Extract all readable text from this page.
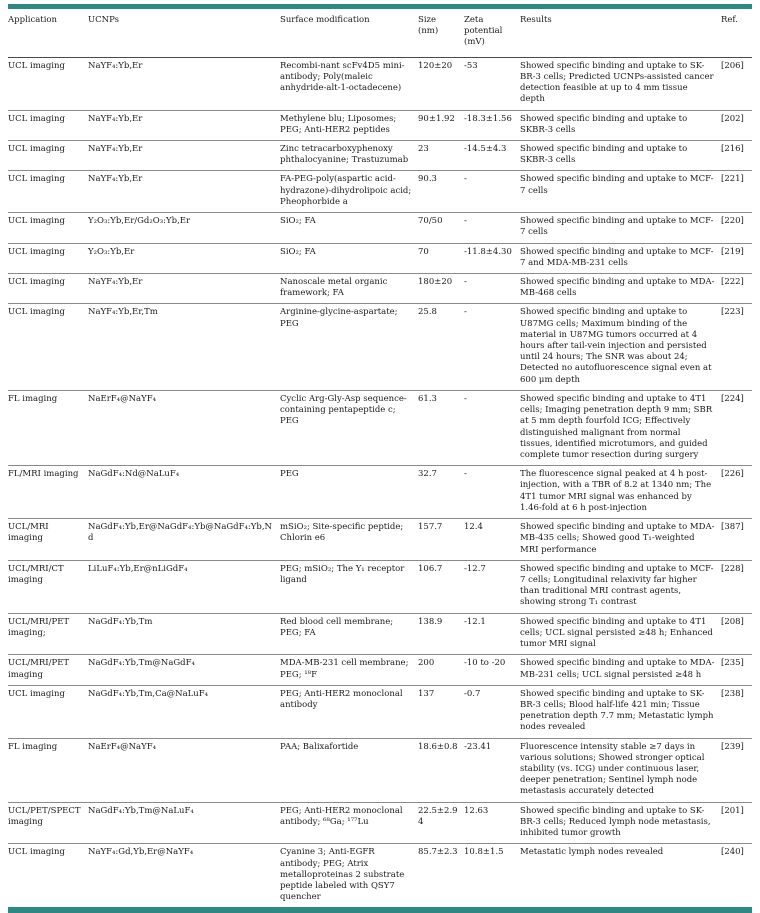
Application	UCNPs	Surface modification	Size (nm)	Zeta potential (mV)	Results	Ref.
UCL imaging	NaYF₄:Yb,Er	Recombi-nant scFv4D5 mini-antibody; Poly(maleic anhydride-alt-1-octadecene)	120±20	-53	Showed specific binding and uptake to SK-BR-3 cells; Predicted UCNPs-assisted cancer detection feasible at up to 4 mm tissue depth	[206]
UCL imaging	NaYF₄:Yb,Er	Methylene blu; Liposomes; PEG; Anti-HER2 peptides	90±1.92	-18.3±1.56	Showed specific binding and uptake to SKBR-3 cells	[202]
UCL imaging	NaYF₄:Yb,Er	Zinc tetracarboxyphenoxy phthalocyanine; Trastuzumab	23	-14.5±4.3	Showed specific binding and uptake to SKBR-3 cells	[216]
UCL imaging	NaYF₄:Yb,Er	FA-PEG-poly(aspartic acid-hydrazone)-dihydrolipoic acid; Pheophorbide a	90.3	-	Showed specific binding and uptake to MCF-7 cells	[221]
UCL imaging	Y₂O₃:Yb,Er/Gd₂O₃:Yb,Er	SiO₂; FA	70/50	-	Showed specific binding and uptake to MCF-7 cells	[220]
UCL imaging	Y₂O₃:Yb,Er	SiO₂; FA	70	-11.8±4.30	Showed specific binding and uptake to MCF-7 and MDA-MB-231 cells	[219]
UCL imaging	NaYF₄:Yb,Er	Nanoscale metal organic framework; FA	180±20	-	Showed specific binding and uptake to MDA-MB-468 cells	[222]
UCL imaging	NaYF₄:Yb,Er,Tm	Arginine-glycine-aspartate; PEG	25.8	-	Showed specific binding and uptake to U87MG cells; Maximum binding of the material in U87MG tumors occurred at 4 hours after tail-vein injection and persisted until 24 hours; The SNR was about 24; Detected no autofluorescence signal even at 600 μm depth	[223]
FL imaging	NaErF₄@NaYF₄	Cyclic Arg-Gly-Asp sequence-containing pentapeptide c; PEG	61.3	-	Showed specific binding and uptake to 4T1 cells; Imaging penetration depth 9 mm; SBR at 5 mm depth fourfold ICG; Effectively distinguished malignant from normal tissues, identified microtumors, and guided complete tumor resection during surgery	[224]
FL/MRI imaging	NaGdF₄:Nd@NaLuF₄	PEG	32.7	-	The fluorescence signal peaked at 4 h post-injection, with a TBR of 8.2 at 1340 nm; The 4T1 tumor MRI signal was enhanced by 1.46-fold at 6 h post-injection	[226]
UCL/MRI imaging	NaGdF₄:Yb,Er@NaGdF₄:Yb@NaGdF₄:Yb,Nd	mSiO₂; Site-specific peptide; Chlorin e6	157.7	12.4	Showed specific binding and uptake to MDA-MB-435 cells; Showed good T₁-weighted MRI performance	[387]
UCL/MRI/CT imaging	LiLuF₄:Yb,Er@nLiGdF₄	PEG; mSiO₂; The Y₁ receptor ligand	106.7	-12.7	Showed specific binding and uptake to MCF-7 cells; Longitudinal relaxivity far higher than traditional MRI contrast agents, showing strong T₁ contrast	[228]
UCL/MRI/PET imaging;	NaGdF₄:Yb,Tm	Red blood cell membrane; PEG; FA	138.9	-12.1	Showed specific binding and uptake to 4T1 cells; UCL signal persisted ≥48 h; Enhanced tumor MRI signal	[208]
UCL/MRI/PET imaging	NaGdF₄:Yb,Tm@NaGdF₄	MDA-MB-231 cell membrane; PEG; ¹⁸F	200	-10 to -20	Showed specific binding and uptake to MDA-MB-231 cells; UCL signal persisted ≥48 h	[235]
UCL imaging	NaGdF₄:Yb,Tm,Ca@NaLuF₄	PEG; Anti-HER2 monoclonal antibody	137	-0.7	Showed specific binding and uptake to SK-BR-3 cells; Blood half-life 421 min; Tissue penetration depth 7.7 mm; Metastatic lymph nodes revealed	[238]
FL imaging	NaErF₄@NaYF₄	PAA; Balixafortide	18.6±0.8	-23.41	Fluorescence intensity stable ≥7 days in various solutions; Showed stronger optical stability (vs. ICG) under continuous laser, deeper penetration; Sentinel lymph node metastasis accurately detected	[239]
UCL/PET/SPECT imaging	NaGdF₄:Yb,Tm@NaLuF₄	PEG; Anti-HER2 monoclonal antibody; ⁶⁸Ga; ¹⁷⁷Lu	22.5±2.94	12.63	Showed specific binding and uptake to SK-BR-3 cells; Reduced lymph node metastasis, inhibited tumor growth	[201]
UCL imaging	NaYF₄:Gd,Yb,Er@NaYF₄	Cyanine 3; Anti-EGFR antibody; PEG; Atrix metalloproteinas 2 substrate peptide labeled with QSY7 quencher	85.7±2.3	10.8±1.5	Metastatic lymph nodes revealed	[240]
